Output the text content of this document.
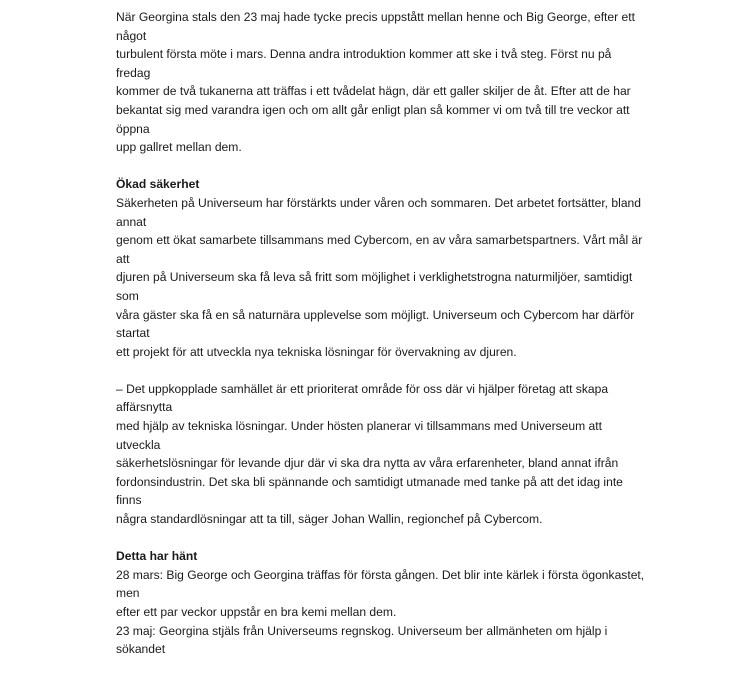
När Georgina stals den 23 maj hade tycke precis uppstått mellan henne och Big George, efter ett något
turbulent första möte i mars. Denna andra introduktion kommer att ske i två steg. Först nu på fredag
kommer de två tukanerna att träffas i ett tvådelat hägn, där ett galler skiljer de åt. Efter att de har
bekantat sig med varandra igen och om allt går enligt plan så kommer vi om två till tre veckor att öppna
upp gallret mellan dem.

Ökad säkerhet

Säkerheten på Universeum har förstärkts under våren och sommaren. Det arbetet fortsätter, bland annat
genom ett ökat samarbete tillsammans med Cybercom, en av våra samarbetspartners. Vårt mål är att
djuren på Universeum ska få leva så fritt som möjlighet i verklighetstrogna naturmiljöer, samtidigt som
våra gäster ska få en så naturnära upplevelse som möjligt. Universeum och Cybercom har därför startat
ett projekt för att utveckla nya tekniska lösningar för övervakning av djuren.

– Det uppkopplade samhället är ett prioriterat område för oss där vi hjälper företag att skapa affärsnytta
med hjälp av tekniska lösningar. Under hösten planerar vi tillsammans med Universeum att utveckla
säkerhetslösningar för levande djur där vi ska dra nytta av våra erfarenheter, bland annat ifrån
fordonsindustrin. Det ska bli spännande och samtidigt utmanade med tanke på att det idag inte finns
några standardlösningar att ta till, säger Johan Wallin, regionchef på Cybercom.

Detta har hänt

28 mars: Big George och Georgina träffas för första gången. Det blir inte kärlek i första ögonkastet, men
efter ett par veckor uppstår en bra kemi mellan dem.

23 maj: Georgina stjäls från Universeums regnskog. Universeum ber allmänheten om hjälp i sökandet
